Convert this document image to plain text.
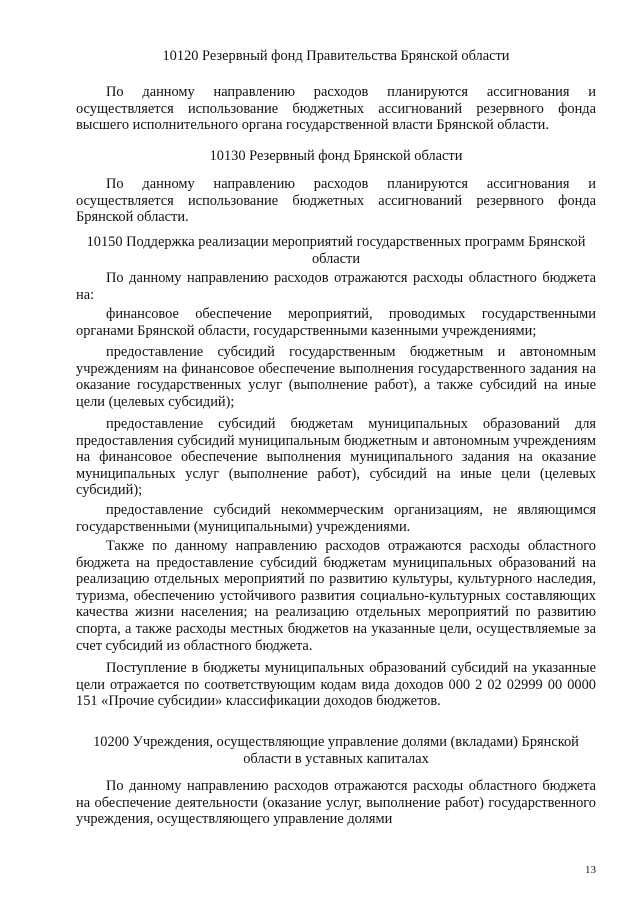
10120 Резервный фонд Правительства Брянской области

По данному направлению расходов планируются ассигнования и осуществляется использование бюджетных ассигнований резервного фонда высшего исполнительного органа государственной власти Брянской области.

10130 Резервный фонд Брянской области

По данному направлению расходов планируются ассигнования и осуществляется использование бюджетных ассигнований резервного фонда Брянской области.

10150 Поддержка реализации мероприятий государственных программ Брянской области

По данному направлению расходов отражаются расходы областного бюджета на:

финансовое обеспечение мероприятий, проводимых государственными органами Брянской области, государственными казенными учреждениями;

предоставление субсидий государственным бюджетным и автономным учреждениям на финансовое обеспечение выполнения государственного задания на оказание государственных услуг (выполнение работ), а также субсидий на иные цели (целевых субсидий);

предоставление субсидий бюджетам муниципальных образований для предоставления субсидий муниципальным бюджетным и автономным учреждениям на финансовое обеспечение выполнения муниципального задания на оказание муниципальных услуг (выполнение работ), субсидий на иные цели (целевых субсидий);

предоставление субсидий некоммерческим организациям, не являющимся государственными (муниципальными) учреждениями.

Также по данному направлению расходов отражаются расходы областного бюджета на предоставление субсидий бюджетам муниципальных образований на реализацию отдельных мероприятий по развитию культуры, культурного наследия, туризма, обеспечению устойчивого развития социально-культурных составляющих качества жизни населения; на реализацию отдельных мероприятий по развитию спорта, а также расходы местных бюджетов на указанные цели, осуществляемые за счет субсидий из областного бюджета.

Поступление в бюджеты муниципальных образований субсидий на указанные цели отражается по соответствующим кодам вида доходов 000 2 02 02999 00 0000 151 «Прочие субсидии» классификации доходов бюджетов.

10200 Учреждения, осуществляющие управление долями (вкладами) Брянской области в уставных капиталах

По данному направлению расходов отражаются расходы областного бюджета на обеспечение деятельности (оказание услуг, выполнение работ) государственного учреждения, осуществляющего управление долями

13
